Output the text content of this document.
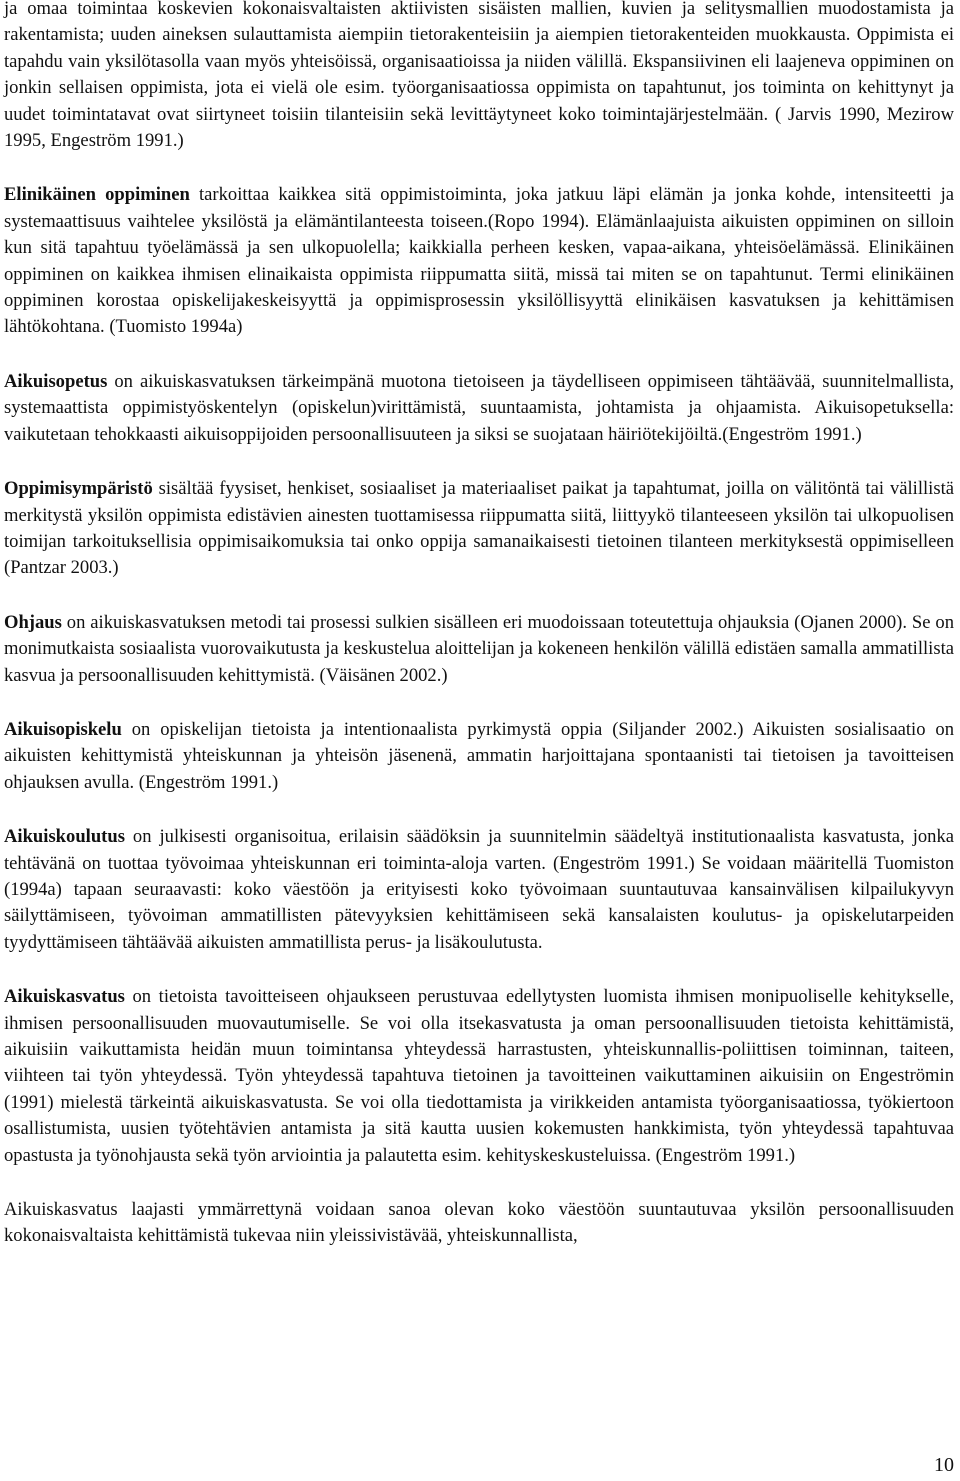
ja omaa toimintaa koskevien kokonaisvaltaisten aktiivisten sisäisten mallien, kuvien ja selitysmallien muodostamista ja rakentamista; uuden aineksen sulauttamista aiempiin tietorakenteisiin ja aiempien tietorakenteiden muokkausta. Oppimista ei tapahdu vain yksilötasolla vaan myös yhteisöissä, organisaatioissa ja niiden välillä. Ekspansiivinen eli laajeneva oppiminen on jonkin sellaisen oppimista, jota ei vielä ole esim. työorganisaatiossa oppimista on tapahtunut, jos toiminta on kehittynyt ja uudet toimintatavat ovat siirtyneet toisiin tilanteisiin sekä levittäytyneet koko toimintajärjestelmään. ( Jarvis 1990, Mezirow 1995, Engeström 1991.)

Elinikäinen oppiminen tarkoittaa kaikkea sitä oppimistoiminta, joka jatkuu läpi elämän ja jonka kohde, intensiteetti ja systemaattisuus vaihtelee yksilöstä ja elämäntilanteesta toiseen.(Ropo 1994). Elämänlaajuista aikuisten oppiminen on silloin kun sitä tapahtuu työelämässä ja sen ulkopuolella; kaikkialla perheen kesken, vapaa-aikana, yhteisöelämässä. Elinikäinen oppiminen on kaikkea ihmisen elinaikaista oppimista riippumatta siitä, missä tai miten se on tapahtunut. Termi elinikäinen oppiminen korostaa opiskelijakeskeisyyttä ja oppimisprosessin yksilöllisyyttä elinikäisen kasvatuksen ja kehittämisen lähtökohtana. (Tuomisto 1994a)

Aikuisopetus on aikuiskasvatuksen tärkeimpänä muotona tietoiseen ja täydelliseen oppimiseen tähtäävää, suunnitelmallista, systemaattista oppimistyöskentelyn (opiskelun)virittämistä, suuntaamista, johtamista ja ohjaamista. Aikuisopetuksella: vaikutetaan tehokkaasti aikuisoppijoiden persoonallisuuteen ja siksi se suojataan häiriötekijöiltä.(Engeström 1991.)

Oppimisympäristö sisältää fyysiset, henkiset, sosiaaliset ja materiaaliset paikat ja tapahtumat, joilla on välitöntä tai välillistä merkitystä yksilön oppimista edistävien ainesten tuottamisessa riippumatta siitä, liittyykö tilanteeseen yksilön tai ulkopuolisen toimijan tarkoituksellisia oppimisaikomuksia tai onko oppija samanaikaisesti tietoinen tilanteen merkityksestä oppimiselleen (Pantzar 2003.)

Ohjaus on aikuiskasvatuksen metodi tai prosessi sulkien sisälleen eri muodoissaan toteutettuja ohjauksia (Ojanen 2000). Se on monimutkaista sosiaalista vuorovaikutusta ja keskustelua aloittelijan ja kokeneen henkilön välillä edistäen samalla ammatillista kasvua ja persoonallisuuden kehittymistä. (Väisänen 2002.)

Aikuisopiskelu on opiskelijan tietoista ja intentionaalista pyrkimystä oppia (Siljander 2002.) Aikuisten sosialisaatio on aikuisten kehittymistä yhteiskunnan ja yhteisön jäsenenä, ammatin harjoittajana spontaanisti tai tietoisen ja tavoitteisen ohjauksen avulla. (Engeström 1991.)

Aikuiskoulutus on julkisesti organisoitua, erilaisin säädöksin ja suunnitelmin säädeltyä institutionaalista kasvatusta, jonka tehtävänä on tuottaa työvoimaa yhteiskunnan eri toiminta-aloja varten. (Engeström 1991.) Se voidaan määritellä Tuomiston (1994a) tapaan seuraavasti: koko väestöön ja erityisesti koko työvoimaan suuntautuvaa kansainvälisen kilpailukyvyn säilyttämiseen, työvoiman ammatillisten pätevyyksien kehittämiseen sekä kansalaisten koulutus- ja opiskelutarpeiden tyydyttämiseen tähtäävää aikuisten ammatillista perus- ja lisäkoulutusta.

Aikuiskasvatus on tietoista tavoitteiseen ohjaukseen perustuvaa edellytysten luomista ihmisen monipuoliselle kehitykselle, ihmisen persoonallisuuden muovautumiselle. Se voi olla itsekasvatusta ja oman persoonallisuuden tietoista kehittämistä, aikuisiin vaikuttamista heidän muun toimintansa yhteydessä harrastusten, yhteiskunnallis-poliittisen toiminnan, taiteen, viihteen tai työn yhteydessä. Työn yhteydessä tapahtuva tietoinen ja tavoitteinen vaikuttaminen aikuisiin on Engeströmin (1991) mielestä tärkeintä aikuiskasvatusta. Se voi olla tiedottamista ja virikkeiden antamista työorganisaatiossa, työkiertoon osallistumista, uusien työtehtävien antamista ja sitä kautta uusien kokemusten hankkimista, työn yhteydessä tapahtuvaa opastusta ja työnohjausta sekä työn arviointia ja palautetta esim. kehityskeskusteluissa. (Engeström 1991.)

Aikuiskasvatus laajasti ymmärrettynä voidaan sanoa olevan koko väestöön suuntautuvaa yksilön persoonallisuuden kokonaisvaltaista kehittämistä tukevaa niin yleissivistävää, yhteiskunnallista,

10
